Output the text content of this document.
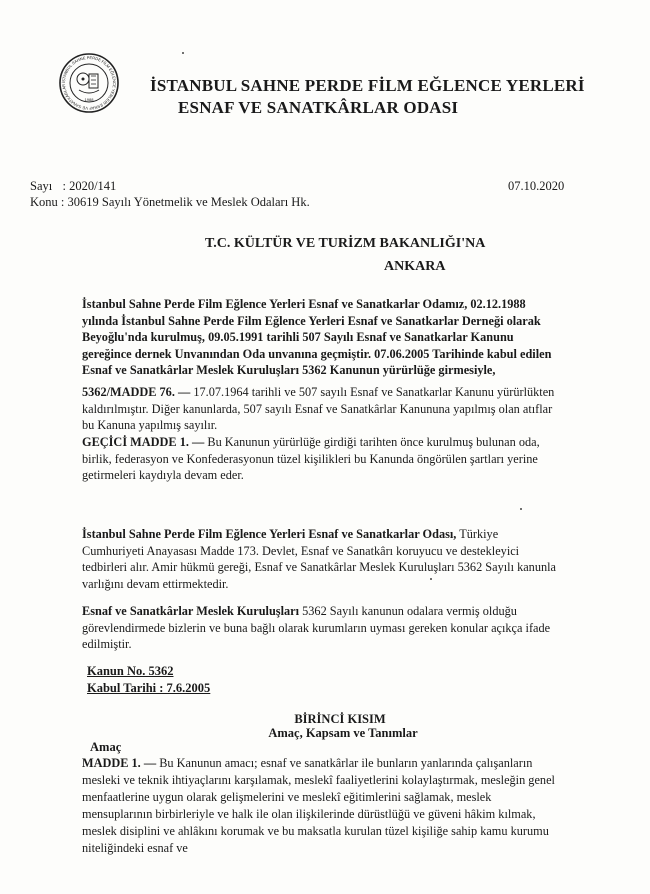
İSTANBUL SAHNE PERDE FİLM EĞLENCE YERLERİ ESNAF VE SANATKÂRLAR
1988
İSTANBUL SAHNE PERDE FİLM EĞLENCE YERLERİ
ESNAF VE SANATKÂRLAR ODASI
Sayı : 2020/141
Konu : 30619 Sayılı Yönetmelik ve Meslek Odaları Hk.
07.10.2020
T.C. KÜLTÜR VE TURİZM BAKANLIĞI'NA
ANKARA
İstanbul Sahne Perde Film Eğlence Yerleri Esnaf ve Sanatkarlar Odamız, 02.12.1988 yılında İstanbul Sahne Perde Film Eğlence Yerleri Esnaf ve Sanatkarlar Derneği olarak Beyoğlu'nda kurulmuş, 09.05.1991 tarihli 507 Sayılı Esnaf ve Sanatkarlar Kanunu gereğince dernek Unvanından Oda unvanına geçmiştir. 07.06.2005 Tarihinde kabul edilen Esnaf ve Sanatkârlar Meslek Kuruluşları 5362 Kanunun yürürlüğe girmesiyle,
5362/MADDE 76. — 17.07.1964 tarihli ve 507 sayılı Esnaf ve Sanatkarlar Kanunu yürürlükten kaldırılmıştır. Diğer kanunlarda, 507 sayılı Esnaf ve Sanatkârlar Kanununa yapılmış olan atıflar bu Kanuna yapılmış sayılır.
GEÇİCİ MADDE 1. — Bu Kanunun yürürlüğe girdiği tarihten önce kurulmuş bulunan oda, birlik, federasyon ve Konfederasyonun tüzel kişilikleri bu Kanunda öngörülen şartları yerine getirmeleri kaydıyla devam eder.
İstanbul Sahne Perde Film Eğlence Yerleri Esnaf ve Sanatkarlar Odası, Türkiye Cumhuriyeti Anayasası Madde 173. Devlet, Esnaf ve Sanatkârı koruyucu ve destekleyici tedbirleri alır. Amir hükmü gereği, Esnaf ve Sanatkârlar Meslek Kuruluşları 5362 Sayılı kanunla varlığını devam ettirmektedir.
Esnaf ve Sanatkârlar Meslek Kuruluşları 5362 Sayılı kanunun odalara vermiş olduğu görevlendirmede bizlerin ve buna bağlı olarak kurumların uyması gereken konular açıkça ifade edilmiştir.
Kanun No. 5362
Kabul Tarihi : 7.6.2005
BİRİNCİ KISIM
Amaç, Kapsam ve Tanımlar
Amaç
MADDE 1. — Bu Kanunun amacı; esnaf ve sanatkârlar ile bunların yanlarında çalışanların mesleki ve teknik ihtiyaçlarını karşılamak, meslekî faaliyetlerini kolaylaştırmak, mesleğin genel menfaatlerine uygun olarak gelişmelerini ve meslekî eğitimlerini sağlamak, meslek mensuplarının birbirleriyle ve halk ile olan ilişkilerinde dürüstlüğü ve güveni hâkim kılmak, meslek disiplini ve ahlâkını korumak ve bu maksatla kurulan tüzel kişiliğe sahip kamu kurumu niteliğindeki esnaf ve
